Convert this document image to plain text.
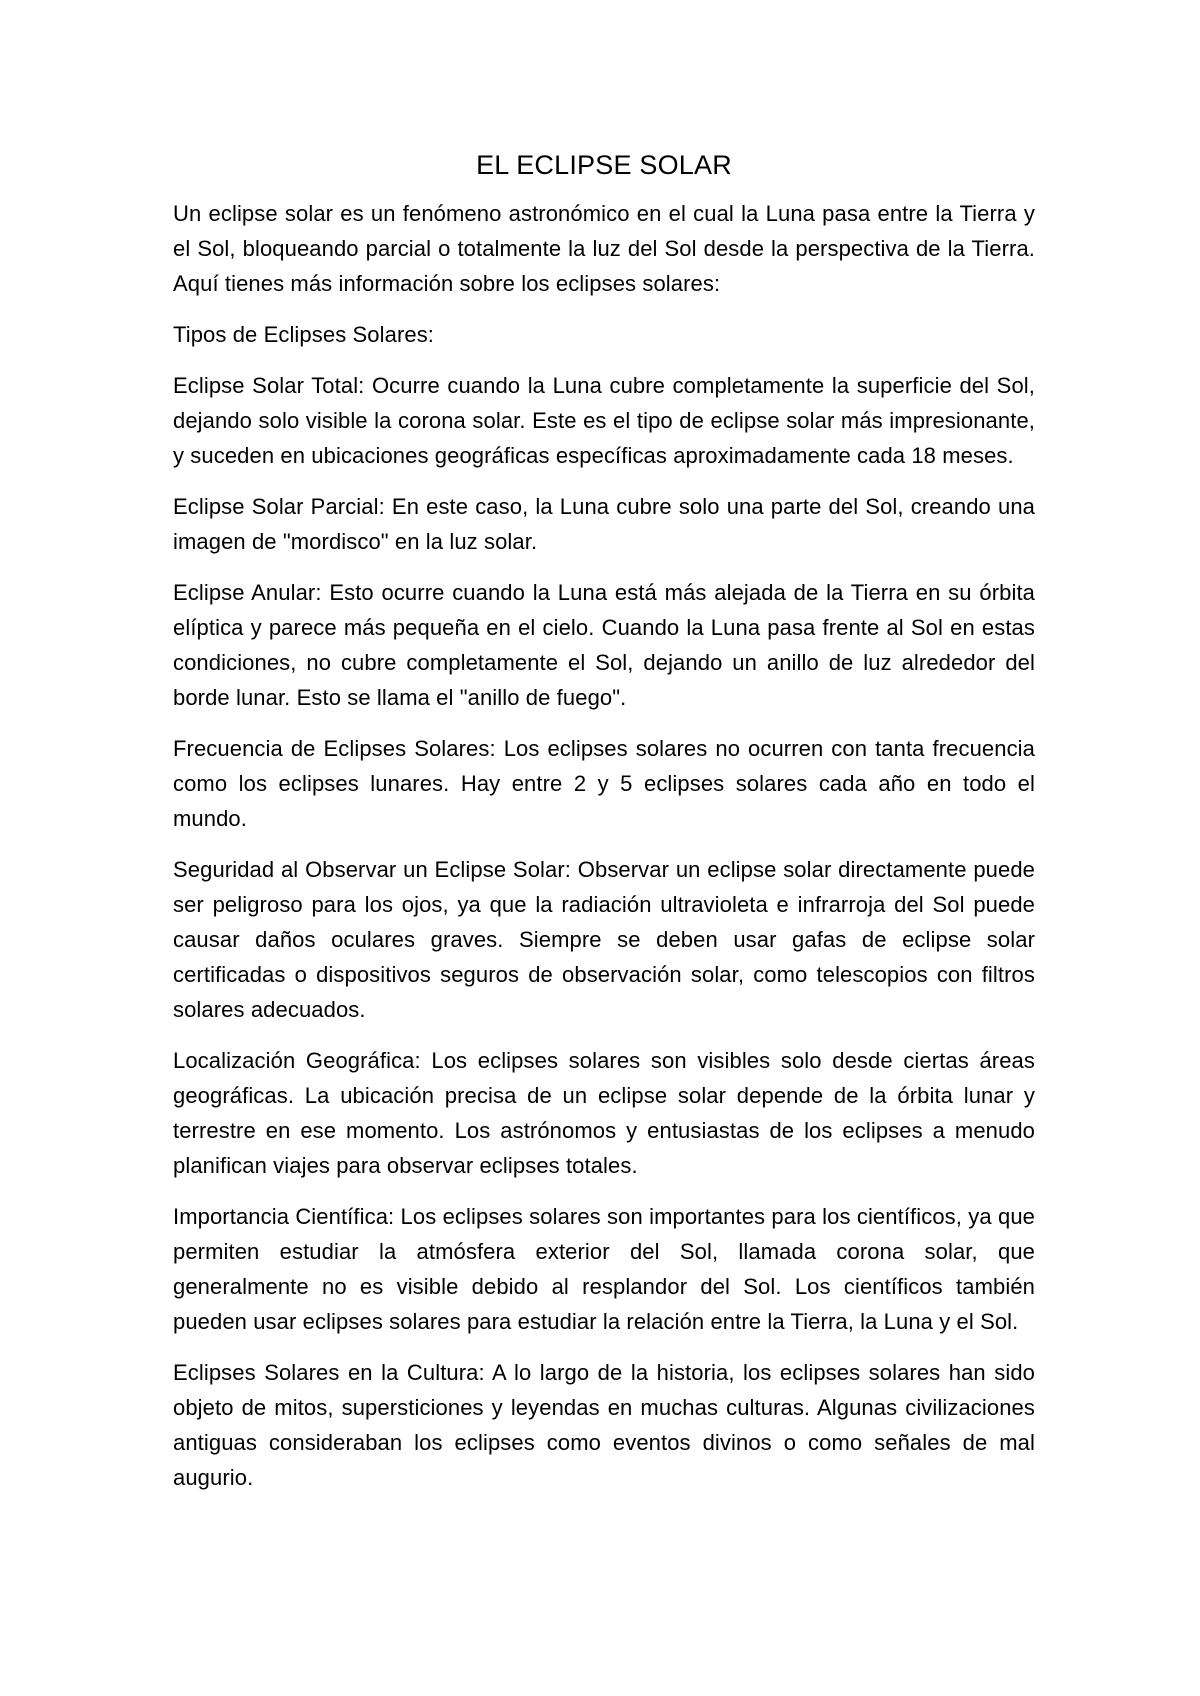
EL ECLIPSE SOLAR

Un eclipse solar es un fenómeno astronómico en el cual la Luna pasa entre la Tierra y el Sol, bloqueando parcial o totalmente la luz del Sol desde la perspectiva de la Tierra. Aquí tienes más información sobre los eclipses solares:

Tipos de Eclipses Solares:

Eclipse Solar Total: Ocurre cuando la Luna cubre completamente la superficie del Sol, dejando solo visible la corona solar. Este es el tipo de eclipse solar más impresionante, y suceden en ubicaciones geográficas específicas aproximadamente cada 18 meses.

Eclipse Solar Parcial: En este caso, la Luna cubre solo una parte del Sol, creando una imagen de "mordisco" en la luz solar.

Eclipse Anular: Esto ocurre cuando la Luna está más alejada de la Tierra en su órbita elíptica y parece más pequeña en el cielo. Cuando la Luna pasa frente al Sol en estas condiciones, no cubre completamente el Sol, dejando un anillo de luz alrededor del borde lunar. Esto se llama el "anillo de fuego".

Frecuencia de Eclipses Solares: Los eclipses solares no ocurren con tanta frecuencia como los eclipses lunares. Hay entre 2 y 5 eclipses solares cada año en todo el mundo.

Seguridad al Observar un Eclipse Solar: Observar un eclipse solar directamente puede ser peligroso para los ojos, ya que la radiación ultravioleta e infrarroja del Sol puede causar daños oculares graves. Siempre se deben usar gafas de eclipse solar certificadas o dispositivos seguros de observación solar, como telescopios con filtros solares adecuados.

Localización Geográfica: Los eclipses solares son visibles solo desde ciertas áreas geográficas. La ubicación precisa de un eclipse solar depende de la órbita lunar y terrestre en ese momento. Los astrónomos y entusiastas de los eclipses a menudo planifican viajes para observar eclipses totales.

Importancia Científica: Los eclipses solares son importantes para los científicos, ya que permiten estudiar la atmósfera exterior del Sol, llamada corona solar, que generalmente no es visible debido al resplandor del Sol. Los científicos también pueden usar eclipses solares para estudiar la relación entre la Tierra, la Luna y el Sol.

Eclipses Solares en la Cultura: A lo largo de la historia, los eclipses solares han sido objeto de mitos, supersticiones y leyendas en muchas culturas. Algunas civilizaciones antiguas consideraban los eclipses como eventos divinos o como señales de mal augurio.
